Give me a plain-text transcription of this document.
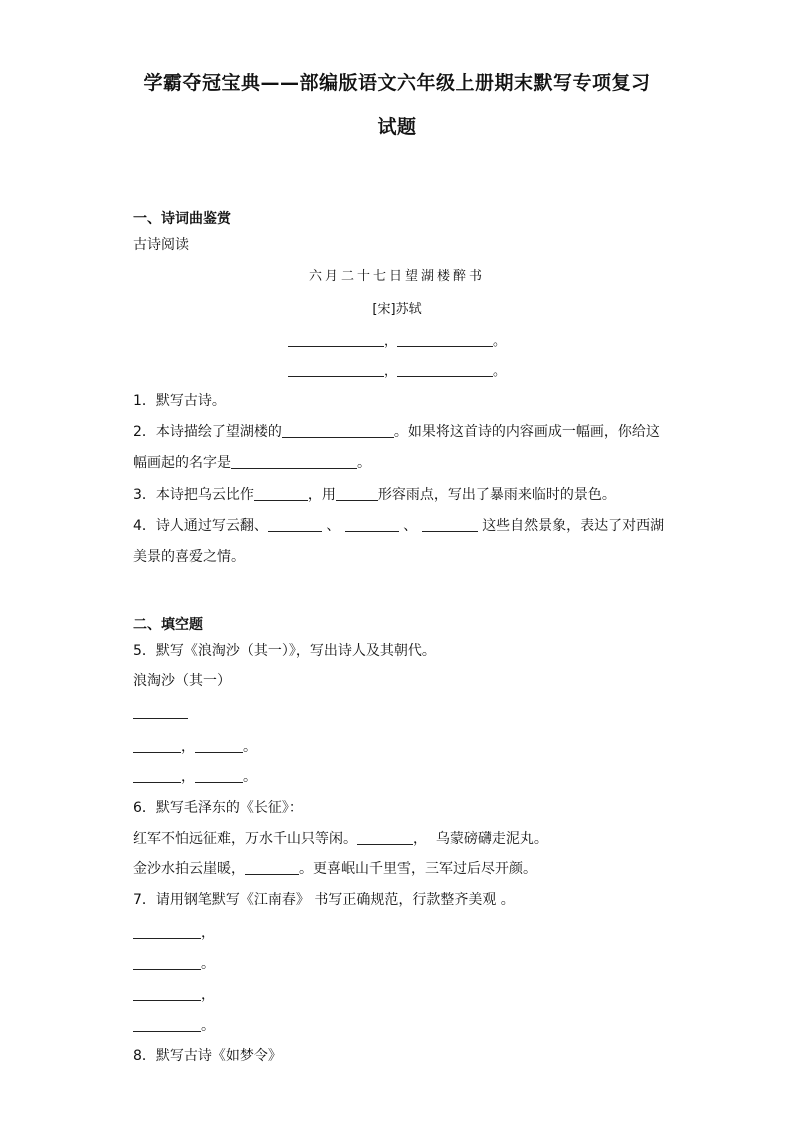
学霸夺冠宝典——部编版语文六年级上册期末默写专项复习
试题
一、诗词曲鉴赏
古诗阅读
六月二十七日望湖楼醉书
[宋]苏轼
，	。
，	。
1．默写古诗。
2．本诗描绘了望湖楼的	。如果将这首诗的内容画成一幅画，你给这
幅画起的名字是	。
3．本诗把乌云比作	，用	形容雨点，写出了暴雨来临时的景色。
4．诗人通过写云翻、	、	、	这些自然景象，表达了对西湖
美景的喜爱之情。
二、填空题
5．默写《浪淘沙（其一）》，写出诗人及其朝代。
浪淘沙（其一）
，	。
，	。
6．默写毛泽东的《长征》：
红军不怕远征难，万水千山只等闲。	，  乌蒙磅礴走泥丸。
金沙水拍云崖暖，	。更喜岷山千里雪，三军过后尽开颜。
7．请用钢笔默写《江南春》 书写正确规范，行款整齐美观 。
，
。
，
。
8．默写古诗《如梦令》
